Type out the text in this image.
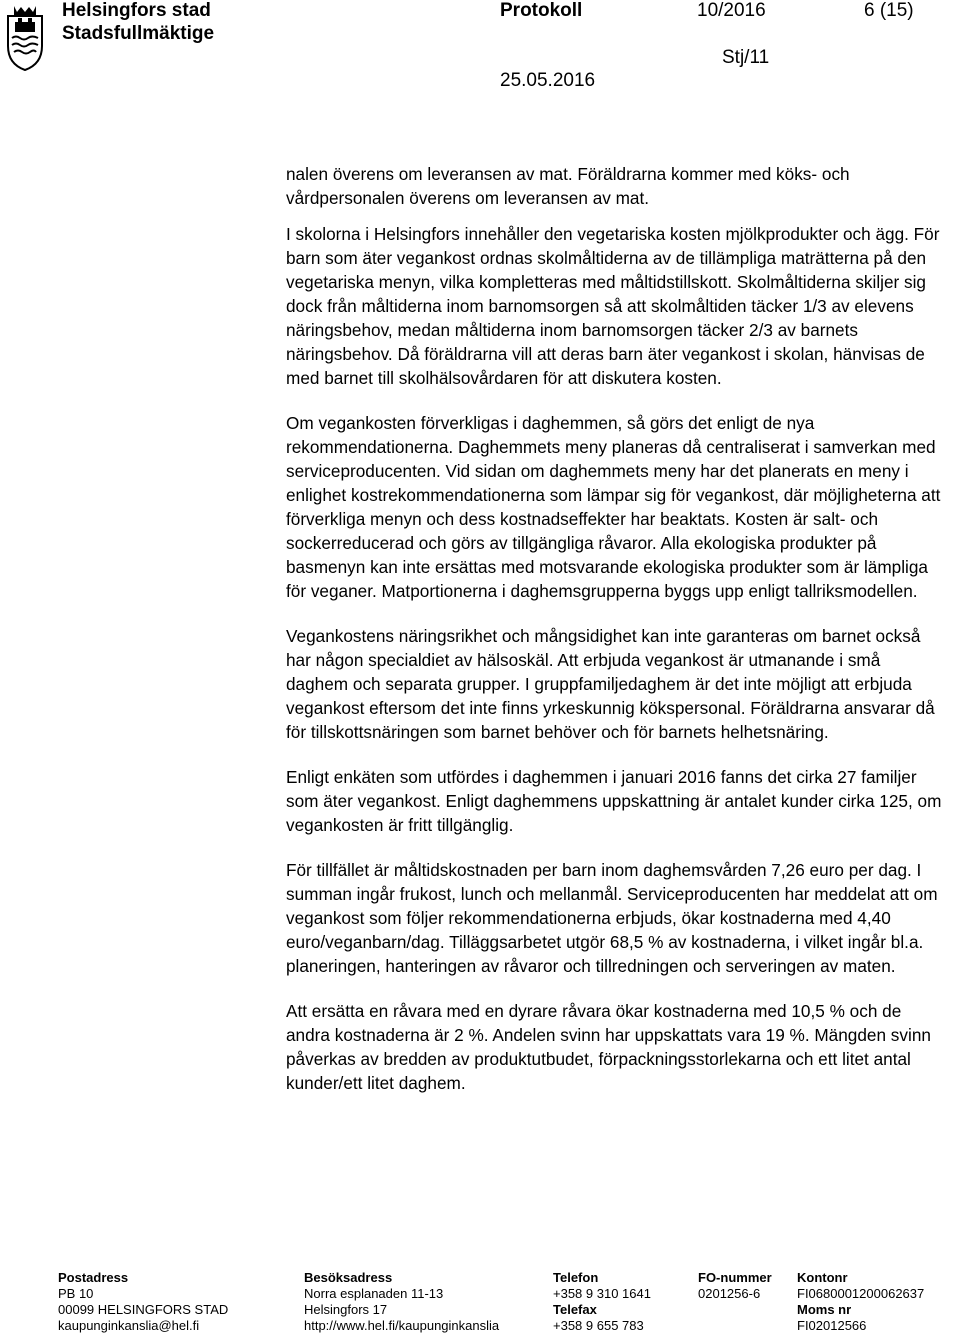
Helsingfors stad
Stadsfullmäktige
Protokoll	10/2016	6 (15)
Stj/11
25.05.2016

nalen överens om leveransen av mat. Föräldrarna kommer med köks- och vårdpersonalen överens om leveransen av mat.

I skolorna i Helsingfors innehåller den vegetariska kosten mjölkprodukter och ägg. För barn som äter vegankost ordnas skolmåltiderna av de tillämpliga maträtterna på den vegetariska menyn, vilka kompletteras med måltidstillskott. Skolmåltiderna skiljer sig dock från måltiderna inom barnomsorgen så att skolmåltiden täcker 1/3 av elevens näringsbehov, medan måltiderna inom barnomsorgen täcker 2/3 av barnets näringsbehov. Då föräldrarna vill att deras barn äter vegankost i skolan, hänvisas de med barnet till skolhälsovårdaren för att diskutera kosten.

Om vegankosten förverkligas i daghemmen, så görs det enligt de nya rekommendationerna. Daghemmets meny planeras då centraliserat i samverkan med serviceproducenten. Vid sidan om daghemmets meny har det planerats en meny i enlighet kostrekommendationerna som lämpar sig för vegankost, där möjligheterna att förverkliga menyn och dess kostnadseffekter har beaktats. Kosten är salt- och sockerreducerad och görs av tillgängliga råvaror. Alla ekologiska produkter på basmenyn kan inte ersättas med motsvarande ekologiska produkter som är lämpliga för veganer. Matportionerna i daghemsgrupperna byggs upp enligt tallriksmodellen.

Vegankostens näringsrikhet och mångsidighet kan inte garanteras om barnet också har någon specialdiet av hälsoskäl. Att erbjuda vegankost är utmanande i små daghem och separata grupper. I gruppfamiljedaghem är det inte möjligt att erbjuda vegankost eftersom det inte finns yrkeskunnig kökspersonal. Föräldrarna ansvarar då för tillskottsnäringen som barnet behöver och för barnets helhetsnäring.

Enligt enkäten som utfördes i daghemmen i januari 2016 fanns det cirka 27 familjer som äter vegankost. Enligt daghemmens uppskattning är antalet kunder cirka 125, om vegankosten är fritt tillgänglig.

För tillfället är måltidskostnaden per barn inom daghemsvården 7,26 euro per dag. I summan ingår frukost, lunch och mellanmål. Serviceproducenten har meddelat att om vegankost som följer rekommendationerna erbjuds, ökar kostnaderna med 4,40 euro/veganbarn/dag. Tilläggsarbetet utgör 68,5 % av kostnaderna, i vilket ingår bl.a. planeringen, hanteringen av råvaror och tillredningen och serveringen av maten.

Att ersätta en råvara med en dyrare råvara ökar kostnaderna med 10,5 % och de andra kostnaderna är 2 %. Andelen svinn har uppskattats vara 19 %. Mängden svinn påverkas av bredden av produktutbudet, förpackningsstorlekarna och ett litet antal kunder/ett litet daghem.

Postadress
PB 10
00099 HELSINGFORS STAD
kaupunginkanslia@hel.fi
Besöksadress
Norra esplanaden 11-13
Helsingfors 17
http://www.hel.fi/kaupunginkanslia
Telefon
+358 9 310 1641
Telefax
+358 9 655 783
FO-nummer
0201256-6
Kontonr
FI0680001200062637
Moms nr
FI02012566
